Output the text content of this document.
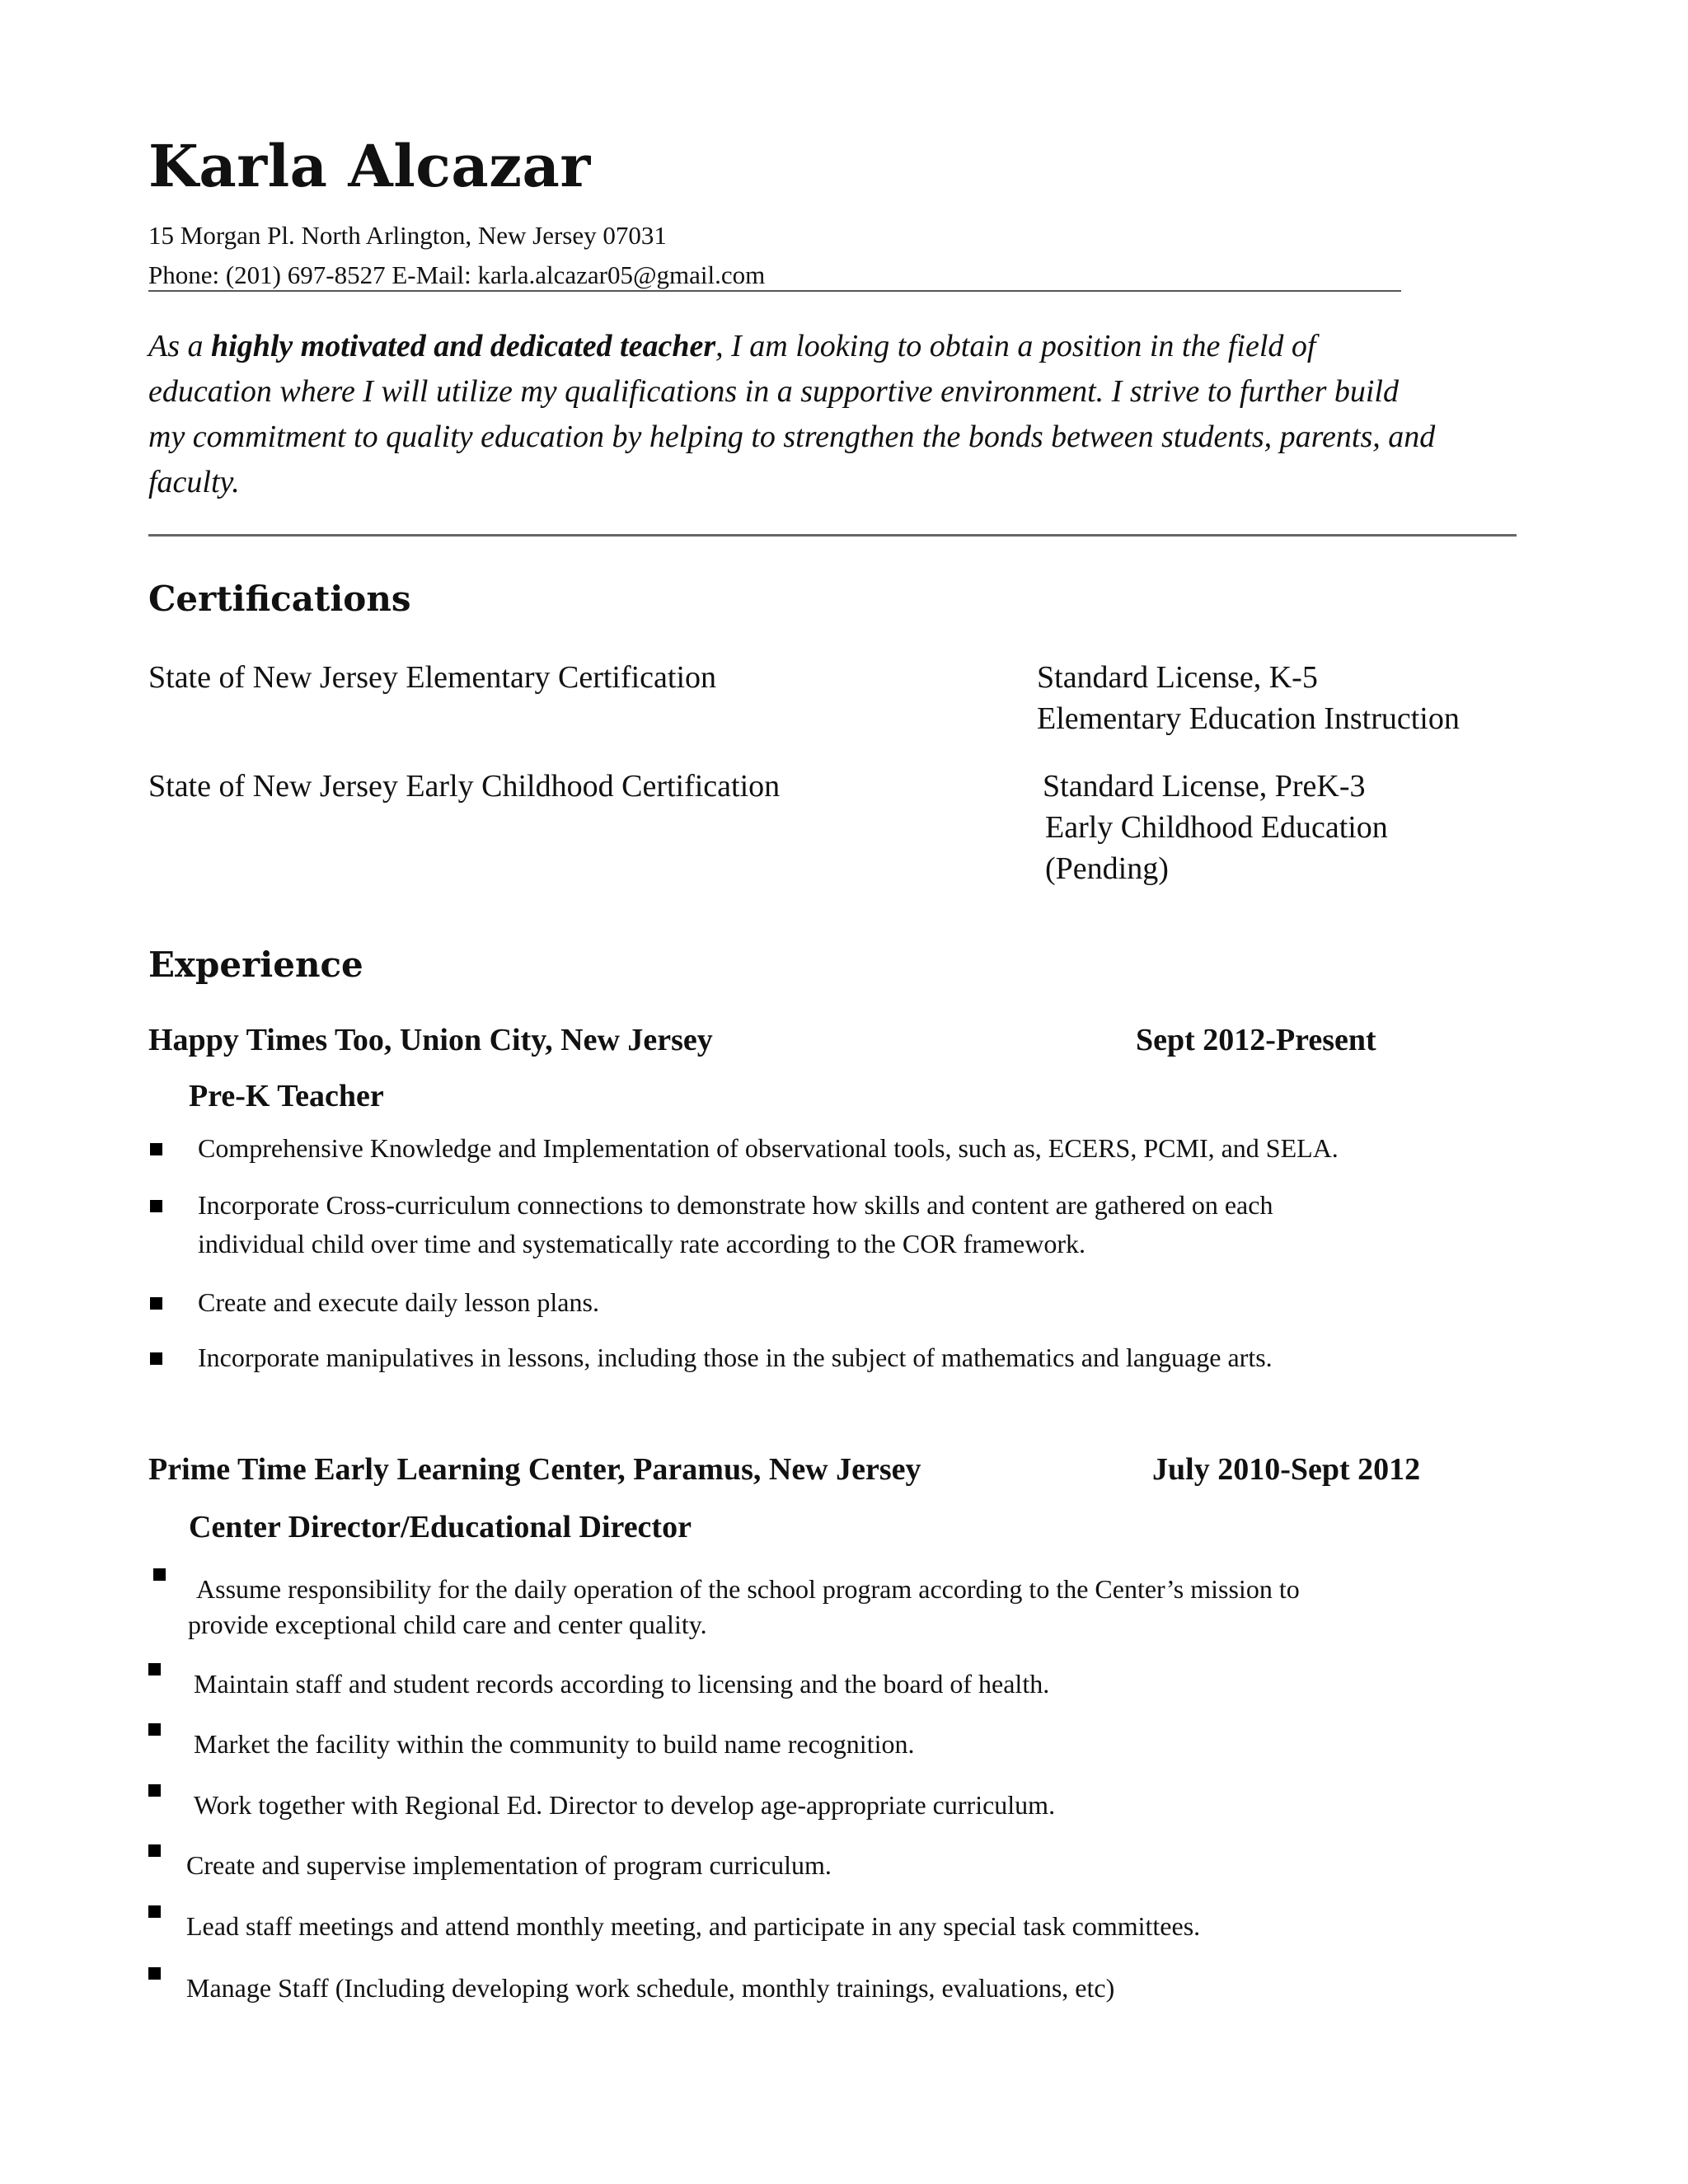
Karla Alcazar
15 Morgan Pl. North Arlington, New Jersey 07031
Phone: (201) 697-8527 E-Mail: karla.alcazar05@gmail.com
As a highly motivated and dedicated teacher, I am looking to obtain a position in the field of
education where I will utilize my qualifications in a supportive environment. I strive to further build
my commitment to quality education by helping to strengthen the bonds between students, parents, and
faculty.
Certifications
State of New Jersey Elementary Certification	Standard License, K-5
Elementary Education Instruction
State of New Jersey Early Childhood Certification	Standard License, PreK-3
Early Childhood Education
(Pending)
Experience
Happy Times Too, Union City, New Jersey	Sept 2012-Present
Pre-K Teacher
Comprehensive Knowledge and Implementation of observational tools, such as, ECERS, PCMI, and SELA.
Incorporate Cross-curriculum connections to demonstrate how skills and content are gathered on each
individual child over time and systematically rate according to the COR framework.
Create and execute daily lesson plans.
Incorporate manipulatives in lessons, including those in the subject of mathematics and language arts.
Prime Time Early Learning Center, Paramus, New Jersey	July 2010-Sept 2012
Center Director/Educational Director
Assume responsibility for the daily operation of the school program according to the Center’s mission to
provide exceptional child care and center quality.
Maintain staff and student records according to licensing and the board of health.
Market the facility within the community to build name recognition.
Work together with Regional Ed. Director to develop age-appropriate curriculum.
Create and supervise implementation of program curriculum.
Lead staff meetings and attend monthly meeting, and participate in any special task committees.
Manage Staff (Including developing work schedule, monthly trainings, evaluations, etc)
